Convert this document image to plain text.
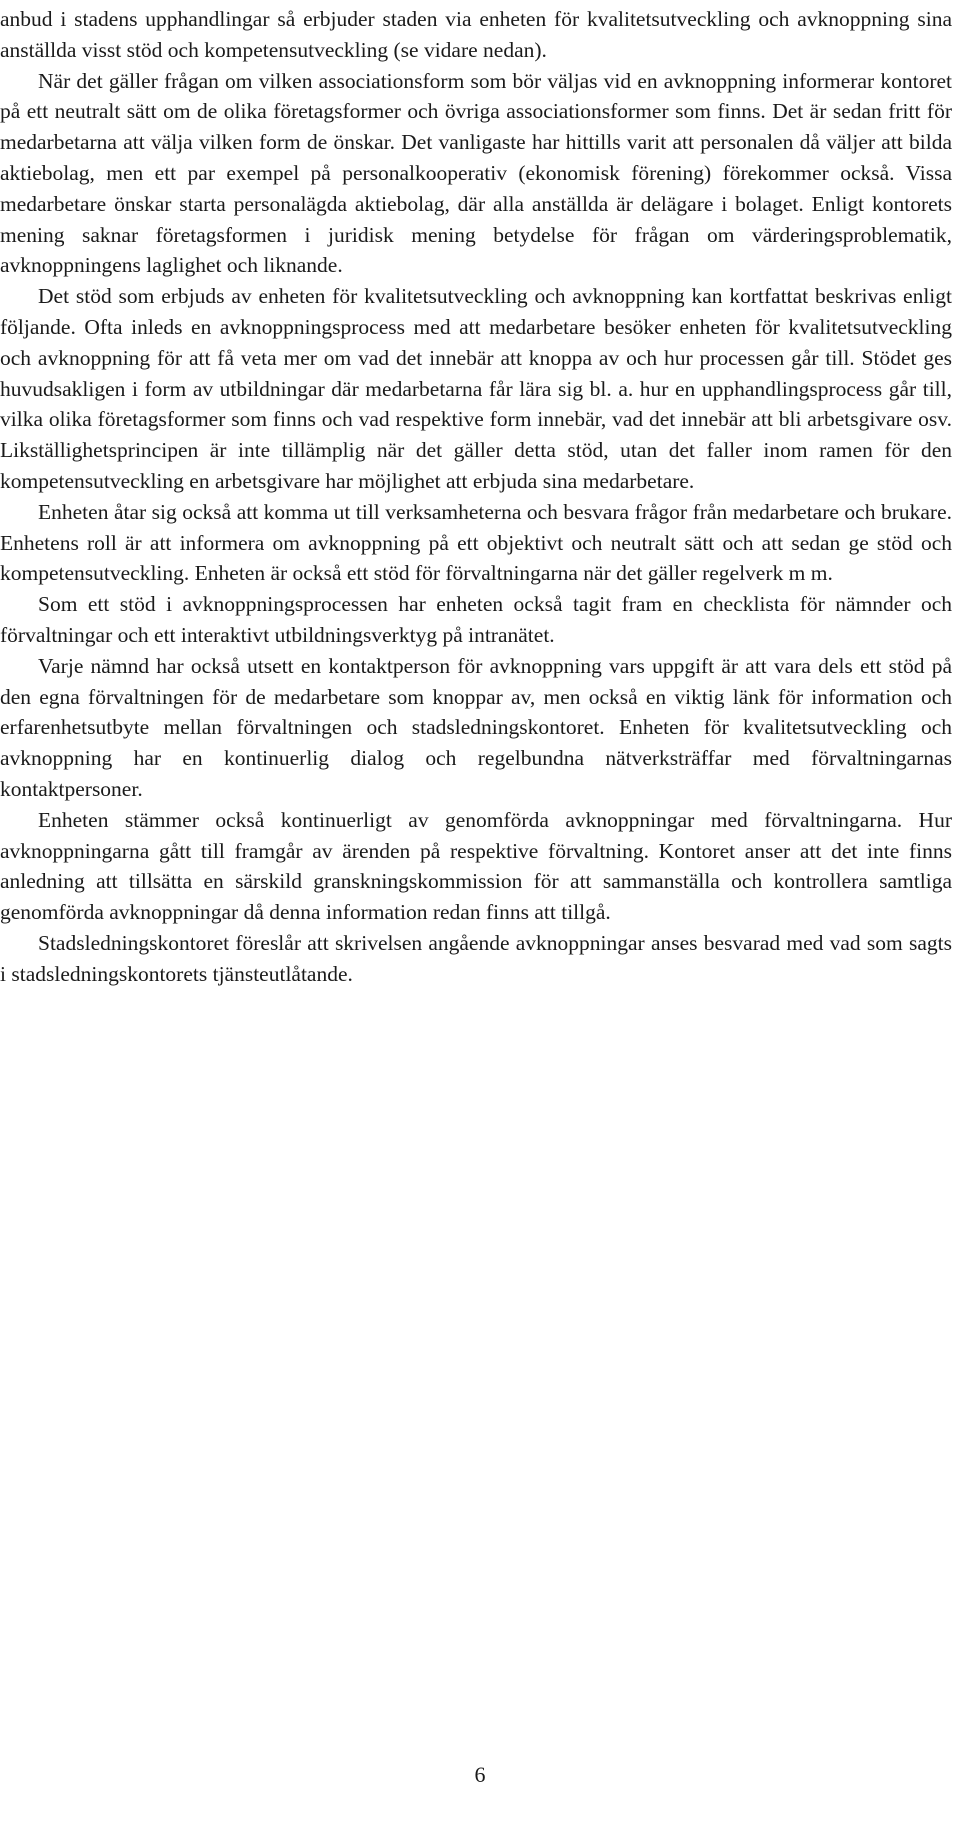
anbud i stadens upphandlingar så erbjuder staden via enheten för kvalitetsutveckling och avknoppning sina anställda visst stöd och kompetensutveckling (se vidare nedan).

När det gäller frågan om vilken associationsform som bör väljas vid en avknoppning informerar kontoret på ett neutralt sätt om de olika företagsformer och övriga associationsformer som finns. Det är sedan fritt för medarbetarna att välja vilken form de önskar. Det vanligaste har hittills varit att personalen då väljer att bilda aktiebolag, men ett par exempel på personalkooperativ (ekonomisk förening) förekommer också. Vissa medarbetare önskar starta personalägda aktiebolag, där alla anställda är delägare i bolaget. Enligt kontorets mening saknar företagsformen i juridisk mening betydelse för frågan om värderingsproblematik, avknoppningens laglighet och liknande.

Det stöd som erbjuds av enheten för kvalitetsutveckling och avknoppning kan kortfattat beskrivas enligt följande. Ofta inleds en avknoppningsprocess med att medarbetare besöker enheten för kvalitetsutveckling och avknoppning för att få veta mer om vad det innebär att knoppa av och hur processen går till. Stödet ges huvudsakligen i form av utbildningar där medarbetarna får lära sig bl. a. hur en upphandlingsprocess går till, vilka olika företagsformer som finns och vad respektive form innebär, vad det innebär att bli arbetsgivare osv. Likställighetsprincipen är inte tillämplig när det gäller detta stöd, utan det faller inom ramen för den kompetensutveckling en arbetsgivare har möjlighet att erbjuda sina medarbetare.

Enheten åtar sig också att komma ut till verksamheterna och besvara frågor från medarbetare och brukare. Enhetens roll är att informera om avknoppning på ett objektivt och neutralt sätt och att sedan ge stöd och kompetensutveckling. Enheten är också ett stöd för förvaltningarna när det gäller regelverk m m.

Som ett stöd i avknoppningsprocessen har enheten också tagit fram en checklista för nämnder och förvaltningar och ett interaktivt utbildningsverktyg på intranätet.

Varje nämnd har också utsett en kontaktperson för avknoppning vars uppgift är att vara dels ett stöd på den egna förvaltningen för de medarbetare som knoppar av, men också en viktig länk för information och erfarenhetsutbyte mellan förvaltningen och stadsledningskontoret. Enheten för kvalitetsutveckling och avknoppning har en kontinuerlig dialog och regelbundna nätverksträffar med förvaltningarnas kontaktpersoner.

Enheten stämmer också kontinuerligt av genomförda avknoppningar med förvaltningarna. Hur avknoppningarna gått till framgår av ärenden på respektive förvaltning. Kontoret anser att det inte finns anledning att tillsätta en särskild granskningskommission för att sammanställa och kontrollera samtliga genomförda avknoppningar då denna information redan finns att tillgå.

Stadsledningskontoret föreslår att skrivelsen angående avknoppningar anses besvarad med vad som sagts i stadsledningskontorets tjänsteutlåtande.

6
